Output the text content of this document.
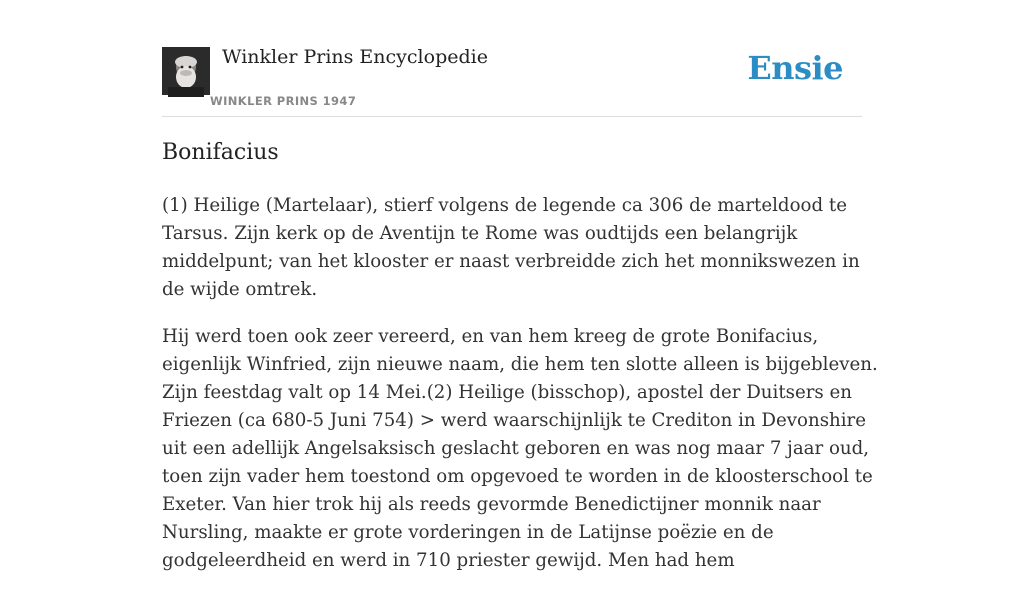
Winkler Prins Encyclopedie
WINKLER PRINS 1947
Ensie
Bonifacius

(1) Heilige (Martelaar), stierf volgens de legende ca 306 de marteldood te Tarsus. Zijn kerk op de Aventijn te Rome was oudtijds een belangrijk middelpunt; van het klooster er naast verbreidde zich het monnikswezen in de wijde omtrek.

Hij werd toen ook zeer vereerd, en van hem kreeg de grote Bonifacius, eigenlijk Winfried, zijn nieuwe naam, die hem ten slotte alleen is bijgebleven. Zijn feestdag valt op 14 Mei.(2) Heilige (bisschop), apostel der Duitsers en Friezen (ca 680-5 Juni 754) > werd waarschijnlijk te Crediton in Devonshire uit een adellijk Angelsaksisch geslacht geboren en was nog maar 7 jaar oud, toen zijn vader hem toestond om opgevoed te worden in de kloosterschool te Exeter. Van hier trok hij als reeds gevormde Benedictijner monnik naar Nursling, maakte er grote vorderingen in de Latijnse poëzie en de godgeleerdheid en werd in 710 priester gewijd. Men had hem
